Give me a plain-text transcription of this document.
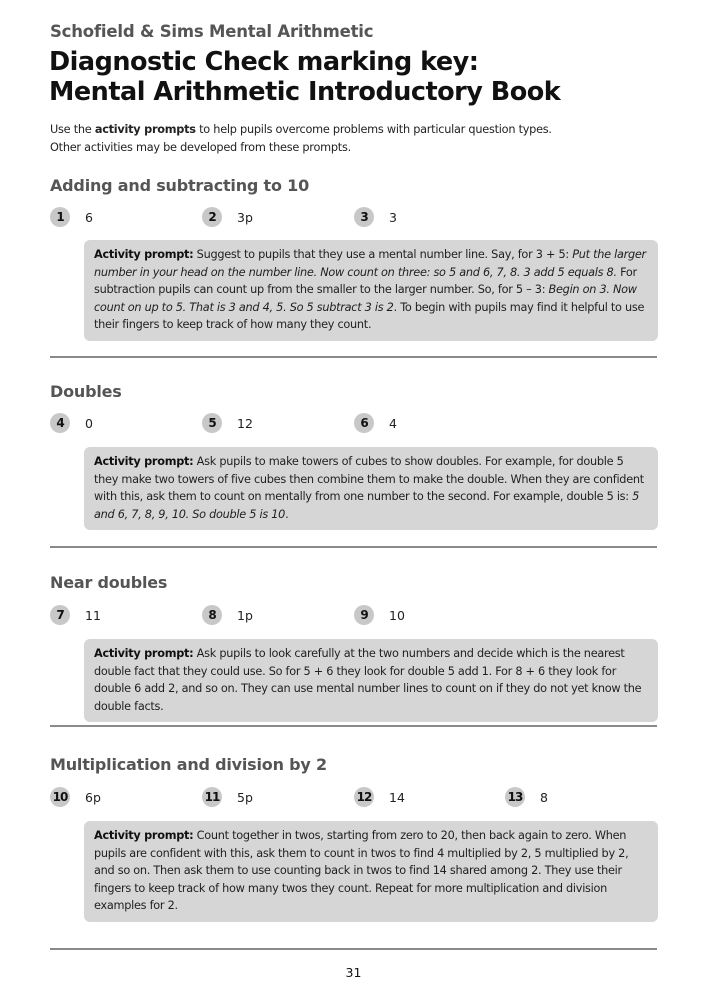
Schofield & Sims Mental Arithmetic
Diagnostic Check marking key:
Mental Arithmetic Introductory Book
Use the activity prompts to help pupils overcome problems with particular question types.
Other activities may be developed from these prompts.
Adding and subtracting to 10
1	6	2	3p	3	3
Activity prompt: Suggest to pupils that they use a mental number line. Say, for 3 + 5: Put the larger number in your head on the number line. Now count on three: so 5 and 6, 7, 8. 3 add 5 equals 8. For subtraction pupils can count up from the smaller to the larger number. So, for 5 – 3: Begin on 3. Now count on up to 5. That is 3 and 4, 5. So 5 subtract 3 is 2. To begin with pupils may find it helpful to use their fingers to keep track of how many they count.
Doubles
4	0	5	12	6	4
Activity prompt: Ask pupils to make towers of cubes to show doubles. For example, for double 5 they make two towers of five cubes then combine them to make the double. When they are confident with this, ask them to count on mentally from one number to the second. For example, double 5 is: 5 and 6, 7, 8, 9, 10. So double 5 is 10.
Near doubles
7	11	8	1p	9	10
Activity prompt: Ask pupils to look carefully at the two numbers and decide which is the nearest double fact that they could use. So for 5 + 6 they look for double 5 add 1. For 8 + 6 they look for double 6 add 2, and so on. They can use mental number lines to count on if they do not yet know the double facts.
Multiplication and division by 2
10 6p	11 5p	12 14	13 8
Activity prompt: Count together in twos, starting from zero to 20, then back again to zero. When pupils are confident with this, ask them to count in twos to find 4 multiplied by 2, 5 multiplied by 2, and so on. Then ask them to use counting back in twos to find 14 shared among 2. They use their fingers to keep track of how many twos they count. Repeat for more multiplication and division examples for 2.
31
